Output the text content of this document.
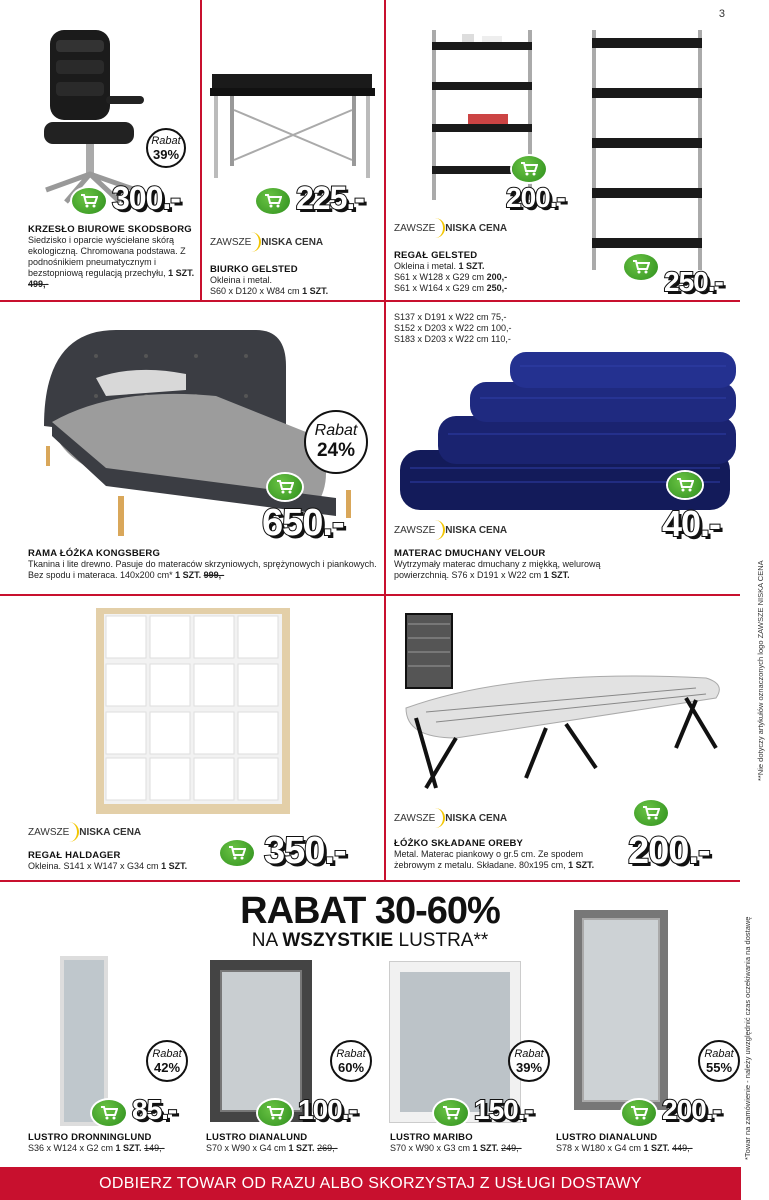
3
Rabat
39%
300.-
KRZESŁO BIUROWE SKODSBORG
Siedzisko i oparcie wyściełane skórą ekologiczną. Chromowana podstawa. Z podnośnikiem pneumatycznym i bezstopniową regulacją przechyłu, 1 SZT. 499,-
225.-
ZAWSZE NISKA CENA
BIURKO GELSTED
Okleina i metal.
S60 x D120 x W84 cm 1 SZT.
200.-
250.-
ZAWSZE NISKA CENA
REGAŁ GELSTED
Okleina i metal. 1 SZT.
S61 x W128 x G29 cm 200,-
S61 x W164 x G29 cm 250,-
Rabat
24%
650.-
RAMA ŁÓŻKA KONGSBERG
Tkanina i lite drewno. Pasuje do materaców skrzyniowych, sprężynowych i piankowych. Bez spodu i materaca. 140x200 cm* 1 SZT. 999,-
S137 x D191 x W22 cm 75,-
S152 x D203 x W22 cm 100,-
S183 x D203 x W22 cm 110,-
40.-
ZAWSZE NISKA CENA
MATERAC DMUCHANY VELOUR
Wytrzymały materac dmuchany z miękką, welurową powierzchnią. S76 x D191 x W22 cm 1 SZT.
ZAWSZE NISKA CENA	350.-
REGAŁ HALDAGER
Okleina. S141 x W147 x G34 cm 1 SZT.	200.-
ZAWSZE NISKA CENA
ŁÓŻKO SKŁADANE OREBY
Metal. Materac piankowy o gr.5 cm. Ze spodem żebrowym z metalu. Składane. 80x195 cm, 1 SZT.
RABAT 30-60%
NA WSZYSTKIE LUSTRA**
Rabat
42%
85.-
LUSTRO DRONNINGLUND
S36 x W124 x G2 cm 1 SZT. 149,-
Rabat
60%
100.-
LUSTRO DIANALUND
S70 x W90 x G4 cm 1 SZT. 269,-
Rabat
39%
150.-
LUSTRO MARIBO
S70 x W90 x G3 cm 1 SZT. 249,-
Rabat
55%
200.-
LUSTRO DIANALUND
S78 x W180 x G4 cm 1 SZT. 449,-
**Nie dotyczy artykułów oznaczonych logo ZAWSZE NISKA CENA
*Towar na zamówienie - należy uwzględnić czas oczekiwania na dostawę
ODBIERZ TOWAR OD RAZU ALBO SKORZYSTAJ Z USŁUGI DOSTAWY
